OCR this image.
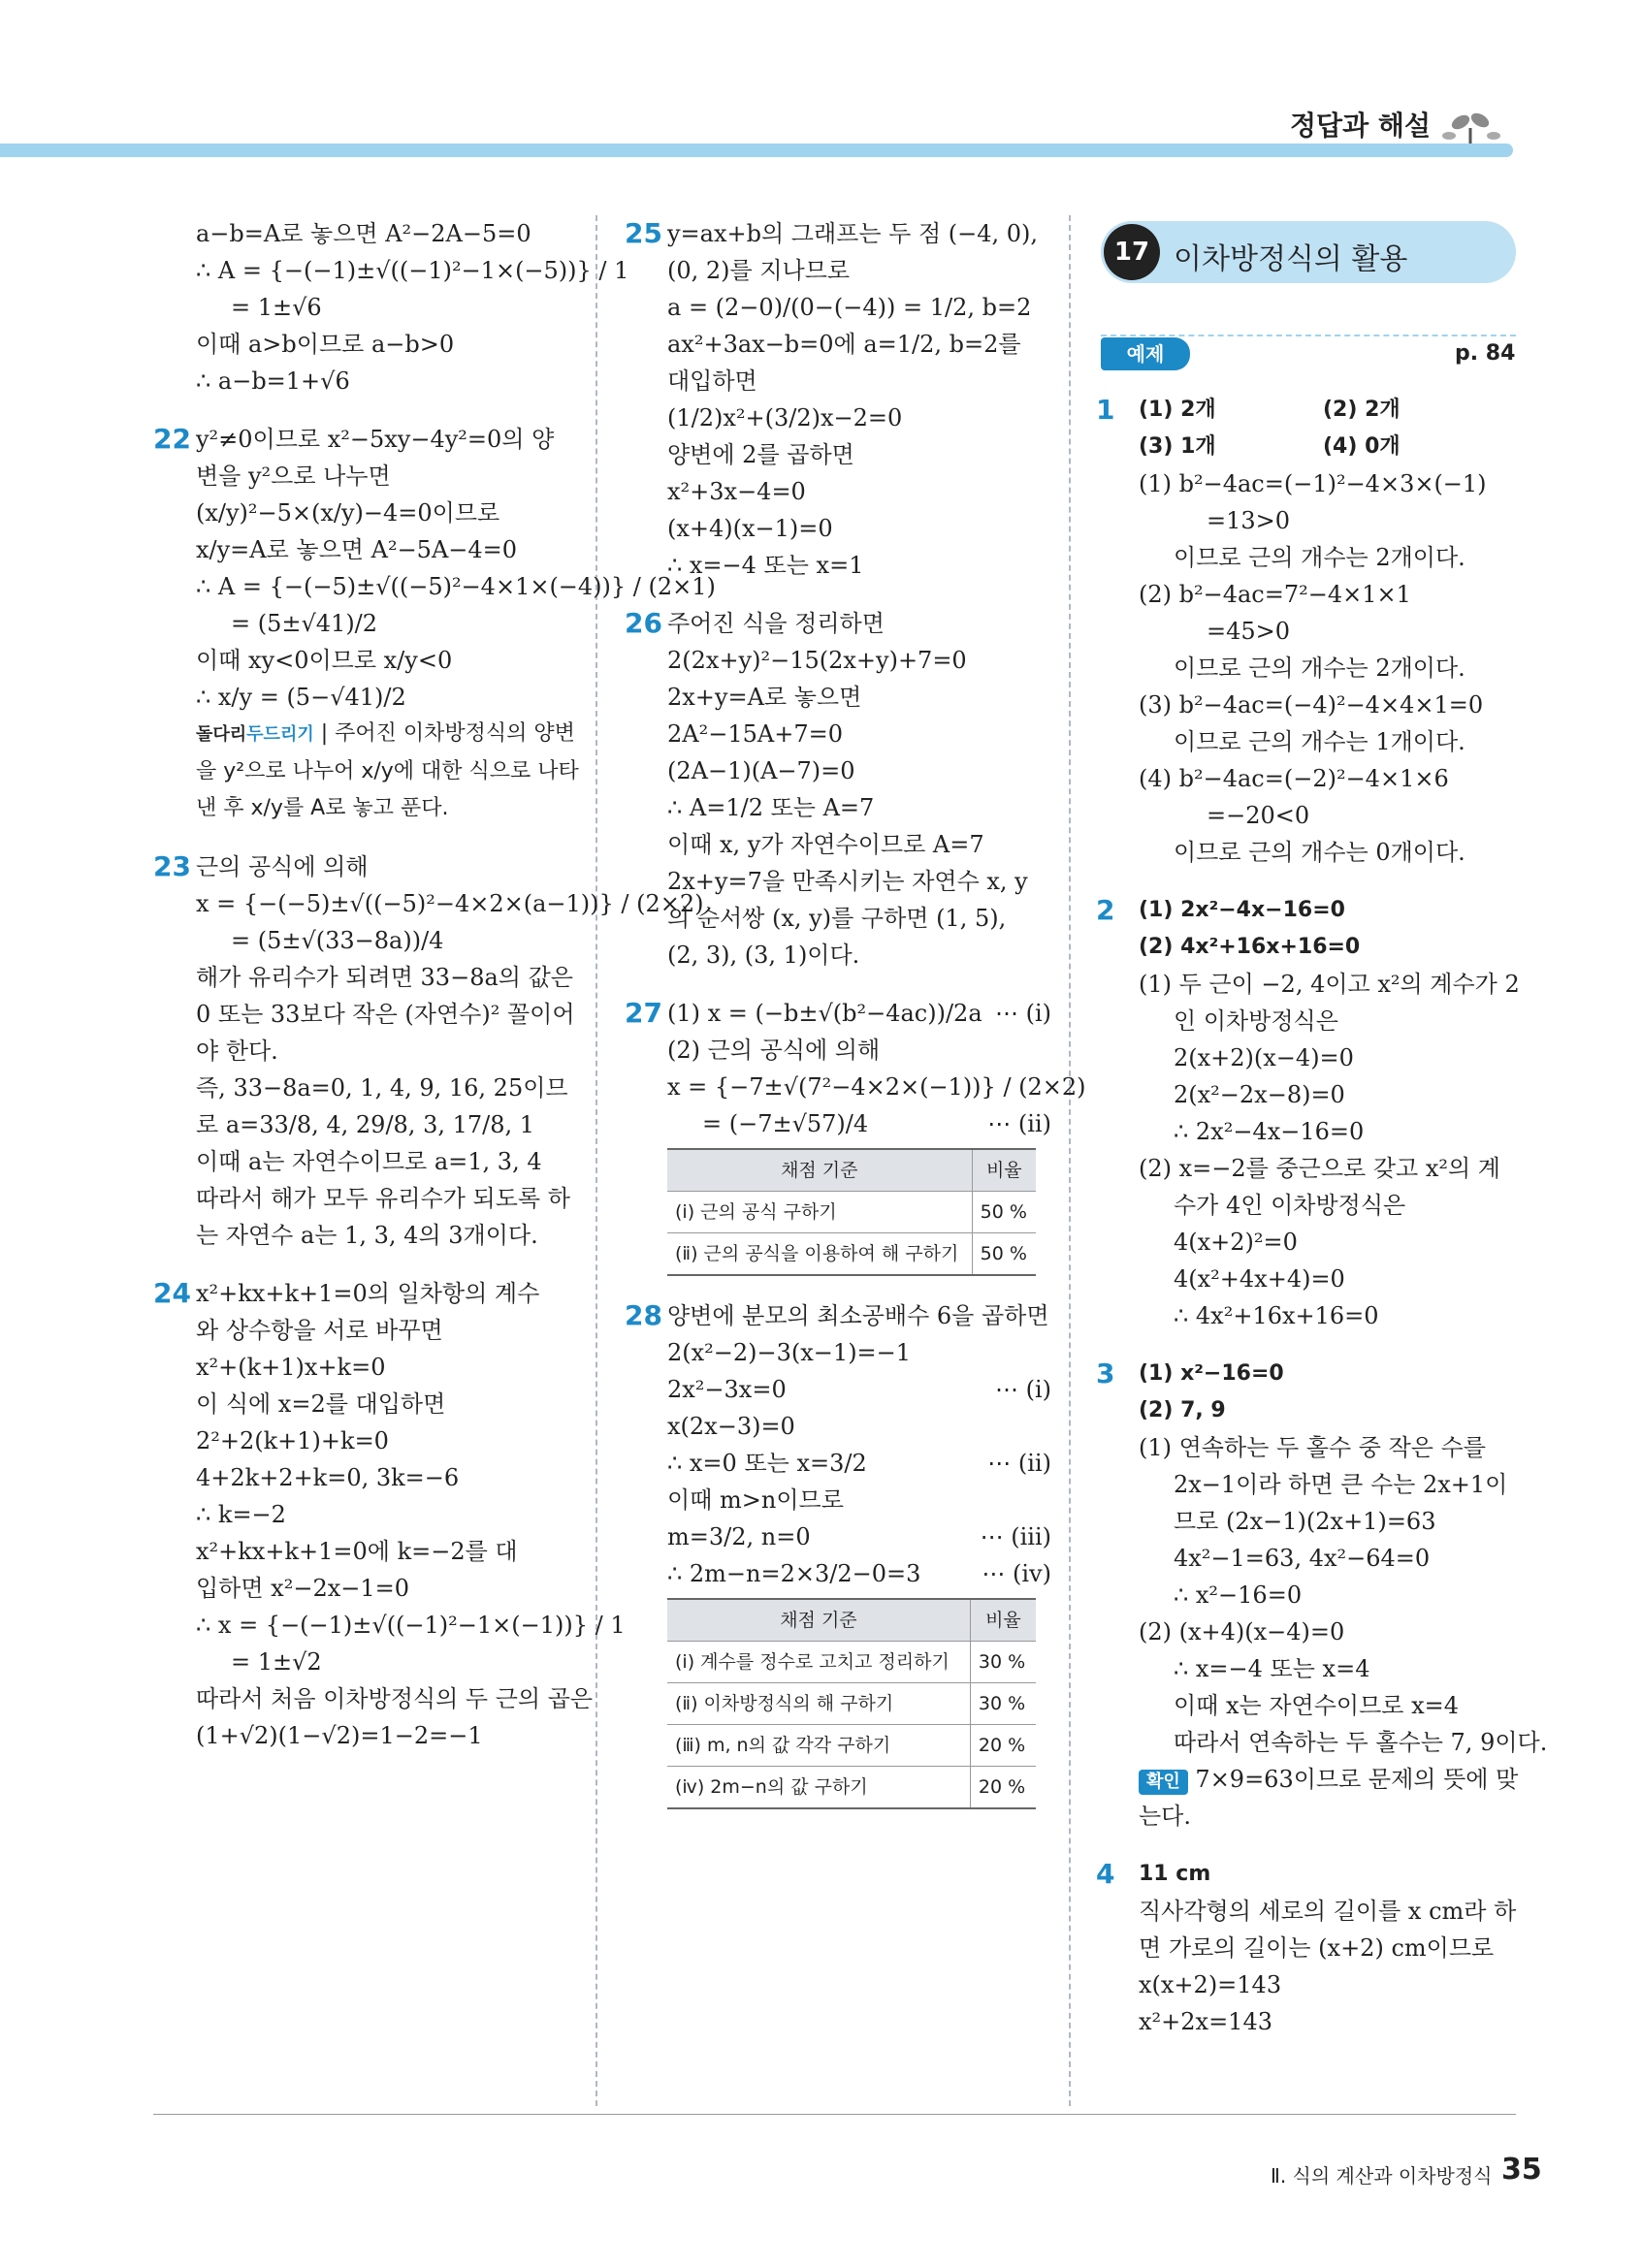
정답과 해설
a−b=A로 놓으면 A²−2A−5=0
∴ A = {−(−1)±√((−1)²−1×(−5))} / 1
= 1±√6
이때 a>b이므로 a−b>0
∴ a−b=1+√6
22 y²≠0이므로 x²−5xy−4y²=0의 양
변을 y²으로 나누면
(x/y)²−5×(x/y)−4=0이므로
x/y=A로 놓으면 A²−5A−4=0
∴ A = {−(−5)±√((−5)²−4×1×(−4))} / (2×1)
= (5±√41)/2
이때 xy<0이므로 x/y<0
∴ x/y = (5−√41)/2
돌다리두드리기 | 주어진 이차방정식의 양변
을 y²으로 나누어 x/y에 대한 식으로 나타
낸 후 x/y를 A로 놓고 푼다.
23 근의 공식에 의해
x = {−(−5)±√((−5)²−4×2×(a−1))} / (2×2)
= (5±√(33−8a))/4
해가 유리수가 되려면 33−8a의 값은
0 또는 33보다 작은 (자연수)² 꼴이어
야 한다.
즉, 33−8a=0, 1, 4, 9, 16, 25이므
로 a=33/8, 4, 29/8, 3, 17/8, 1
이때 a는 자연수이므로 a=1, 3, 4
따라서 해가 모두 유리수가 되도록 하
는 자연수 a는 1, 3, 4의 3개이다.
24 x²+kx+k+1=0의 일차항의 계수
와 상수항을 서로 바꾸면
x²+(k+1)x+k=0
이 식에 x=2를 대입하면
2²+2(k+1)+k=0
4+2k+2+k=0, 3k=−6
∴ k=−2
x²+kx+k+1=0에 k=−2를 대
입하면 x²−2x−1=0
∴ x = {−(−1)±√((−1)²−1×(−1))} / 1
= 1±√2
따라서 처음 이차방정식의 두 근의 곱은
(1+√2)(1−√2)=1−2=−1
25 y=ax+b의 그래프는 두 점 (−4, 0),
(0, 2)를 지나므로
a = (2−0)/(0−(−4)) = 1/2, b=2
ax²+3ax−b=0에 a=1/2, b=2를
대입하면
(1/2)x²+(3/2)x−2=0
양변에 2를 곱하면
x²+3x−4=0
(x+4)(x−1)=0
∴ x=−4 또는 x=1
26 주어진 식을 정리하면
2(2x+y)²−15(2x+y)+7=0
2x+y=A로 놓으면
2A²−15A+7=0
(2A−1)(A−7)=0
∴ A=1/2 또는 A=7
이때 x, y가 자연수이므로 A=7
2x+y=7을 만족시키는 자연수 x, y
의 순서쌍 (x, y)를 구하면 (1, 5),
(2, 3), (3, 1)이다.
27 (1) x = (−b±√(b²−4ac))/2a ⋯ (ⅰ)
(2) 근의 공식에 의해
x = {−7±√(7²−4×2×(−1))} / (2×2)
= (−7±√57)/4	⋯ (ⅱ)
채점 기준	비율
(ⅰ) 근의 공식 구하기	50 %
(ⅱ) 근의 공식을 이용하여 해 구하기	50 %
28 양변에 분모의 최소공배수 6을 곱하면
2(x²−2)−3(x−1)=−1
2x²−3x=0	⋯ (ⅰ)
x(2x−3)=0
∴ x=0 또는 x=3/2	⋯ (ⅱ)
이때 m>n이므로
m=3/2, n=0	⋯ (ⅲ)
∴ 2m−n=2×3/2−0=3	⋯ (ⅳ)
채점 기준	비율
(ⅰ) 계수를 정수로 고치고 정리하기	30 %
(ⅱ) 이차방정식의 해 구하기	30 %
(ⅲ) m, n의 값 각각 구하기	20 %
(ⅳ) 2m−n의 값 구하기	20 %
17강
이차방정식의 활용
예제	p. 84
1 (1) 2개	(2) 2개
(3) 1개	(4) 0개
(1) b²−4ac=(−1)²−4×3×(−1)
=13>0
이므로 근의 개수는 2개이다.
(2) b²−4ac=7²−4×1×1
=45>0
이므로 근의 개수는 2개이다.
(3) b²−4ac=(−4)²−4×4×1=0
이므로 근의 개수는 1개이다.
(4) b²−4ac=(−2)²−4×1×6
=−20<0
이므로 근의 개수는 0개이다.
2 (1) 2x²−4x−16=0
(2) 4x²+16x+16=0
(1) 두 근이 −2, 4이고 x²의 계수가 2
인 이차방정식은
2(x+2)(x−4)=0
2(x²−2x−8)=0
∴ 2x²−4x−16=0
(2) x=−2를 중근으로 갖고 x²의 계
수가 4인 이차방정식은
4(x+2)²=0
4(x²+4x+4)=0
∴ 4x²+16x+16=0
3 (1) x²−16=0
(2) 7, 9
(1) 연속하는 두 홀수 중 작은 수를
2x−1이라 하면 큰 수는 2x+1이
므로 (2x−1)(2x+1)=63
4x²−1=63, 4x²−64=0
∴ x²−16=0
(2) (x+4)(x−4)=0
∴ x=−4 또는 x=4
이때 x는 자연수이므로 x=4
따라서 연속하는 두 홀수는 7, 9이다.
확인 7×9=63이므로 문제의 뜻에 맞
는다.
4 11 cm
직사각형의 세로의 길이를 x cm라 하
면 가로의 길이는 (x+2) cm이므로
x(x+2)=143
x²+2x=143
Ⅱ. 식의 계산과 이차방정식 35
